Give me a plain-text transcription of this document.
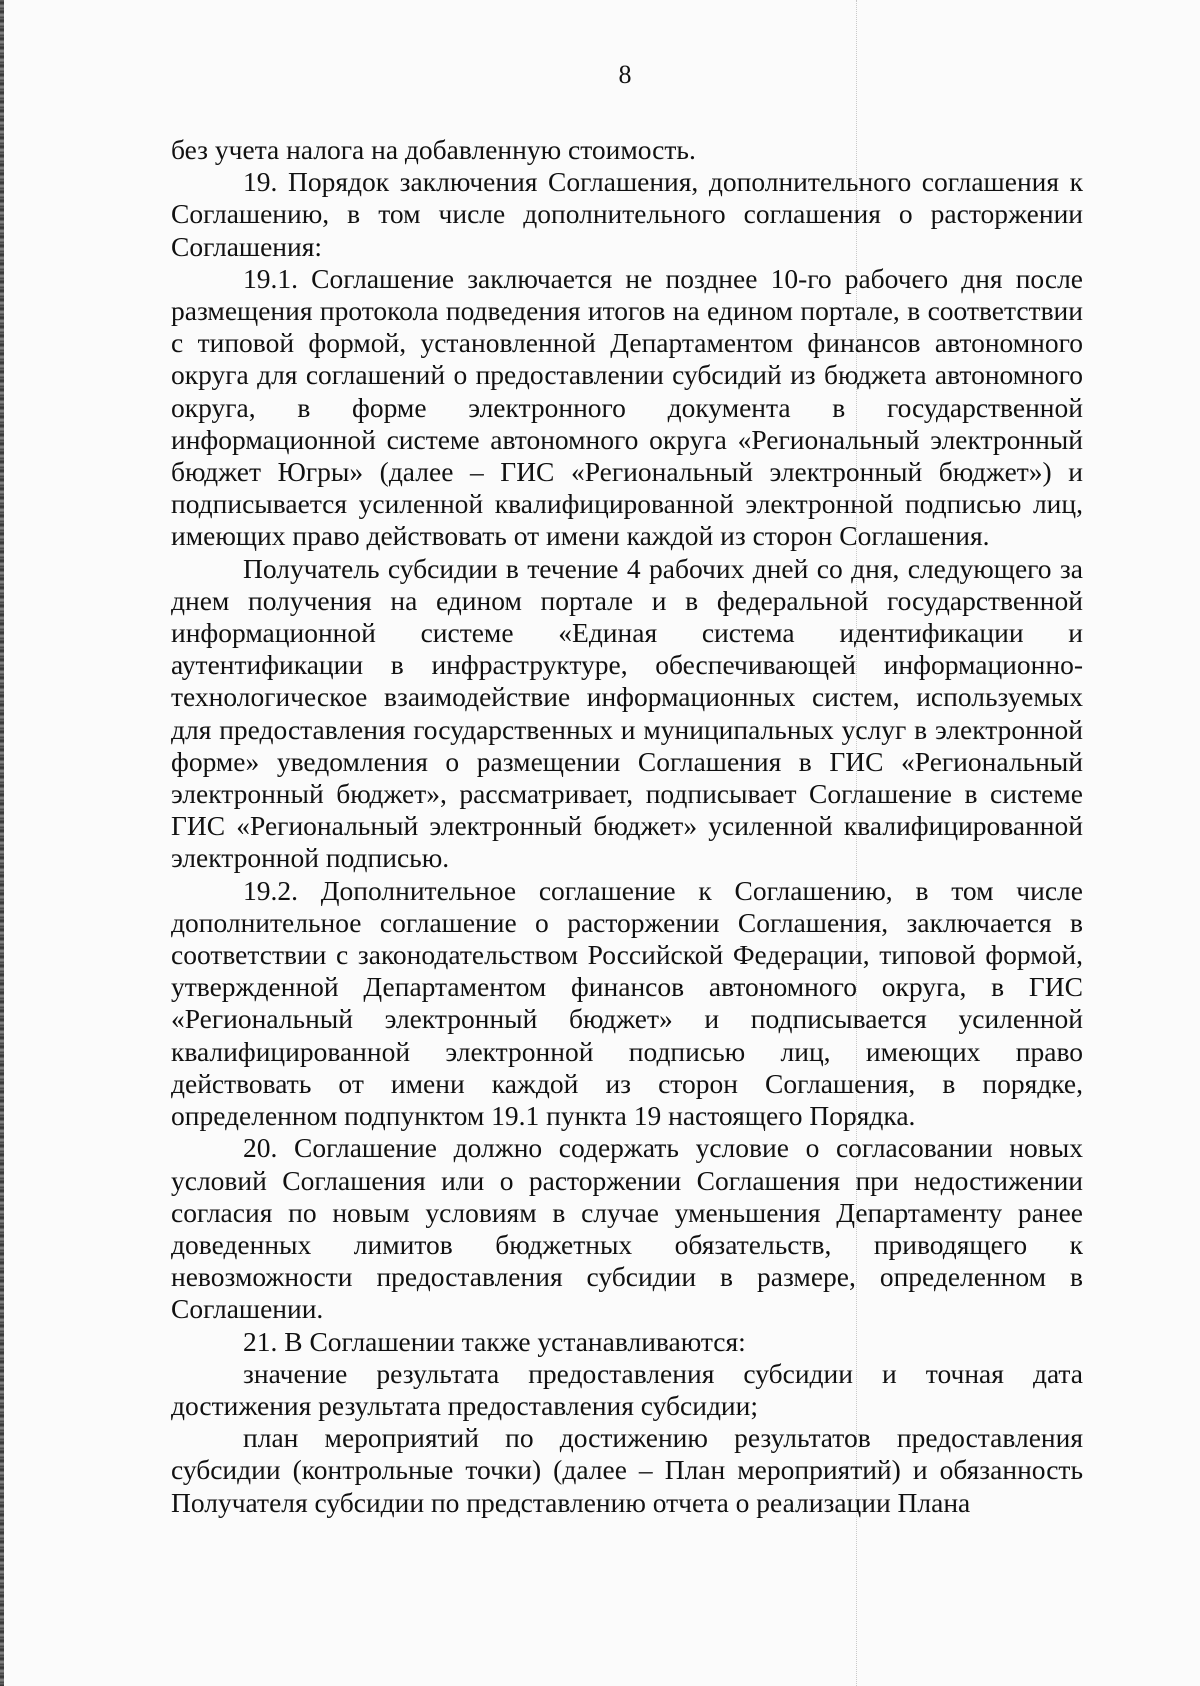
8

без учета налога на добавленную стоимость.

19. Порядок заключения Соглашения, дополнительного соглашения к Соглашению, в том числе дополнительного соглашения о расторжении Соглашения:

19.1. Соглашение заключается не позднее 10-го рабочего дня после размещения протокола подведения итогов на едином портале, в соответствии с типовой формой, установленной Департаментом финансов автономного округа для соглашений о предоставлении субсидий из бюджета автономного округа, в форме электронного документа в государственной информационной системе автономного округа «Региональный электронный бюджет Югры» (далее – ГИС «Региональный электронный бюджет») и подписывается усиленной квалифицированной электронной подписью лиц, имеющих право действовать от имени каждой из сторон Соглашения.

Получатель субсидии в течение 4 рабочих дней со дня, следующего за днем получения на едином портале и в федеральной государственной информационной системе «Единая система идентификации и аутентификации в инфраструктуре, обеспечивающей информационно-технологическое взаимодействие информационных систем, используемых для предоставления государственных и муниципальных услуг в электронной форме» уведомления о размещении Соглашения в ГИС «Региональный электронный бюджет», рассматривает, подписывает Соглашение в системе ГИС «Региональный электронный бюджет» усиленной квалифицированной электронной подписью.

19.2. Дополнительное соглашение к Соглашению, в том числе дополнительное соглашение о расторжении Соглашения, заключается в соответствии с законодательством Российской Федерации, типовой формой, утвержденной Департаментом финансов автономного округа, в ГИС «Региональный электронный бюджет» и подписывается усиленной квалифицированной электронной подписью лиц, имеющих право действовать от имени каждой из сторон Соглашения, в порядке, определенном подпунктом 19.1 пункта 19 настоящего Порядка.

20. Соглашение должно содержать условие о согласовании новых условий Соглашения или о расторжении Соглашения при недостижении согласия по новым условиям в случае уменьшения Департаменту ранее доведенных лимитов бюджетных обязательств, приводящего к невозможности предоставления субсидии в размере, определенном в Соглашении.

21. В Соглашении также устанавливаются:

значение результата предоставления субсидии и точная дата достижения результата предоставления субсидии;

план мероприятий по достижению результатов предоставления субсидии (контрольные точки) (далее – План мероприятий) и обязанность Получателя субсидии по представлению отчета о реализации Плана
